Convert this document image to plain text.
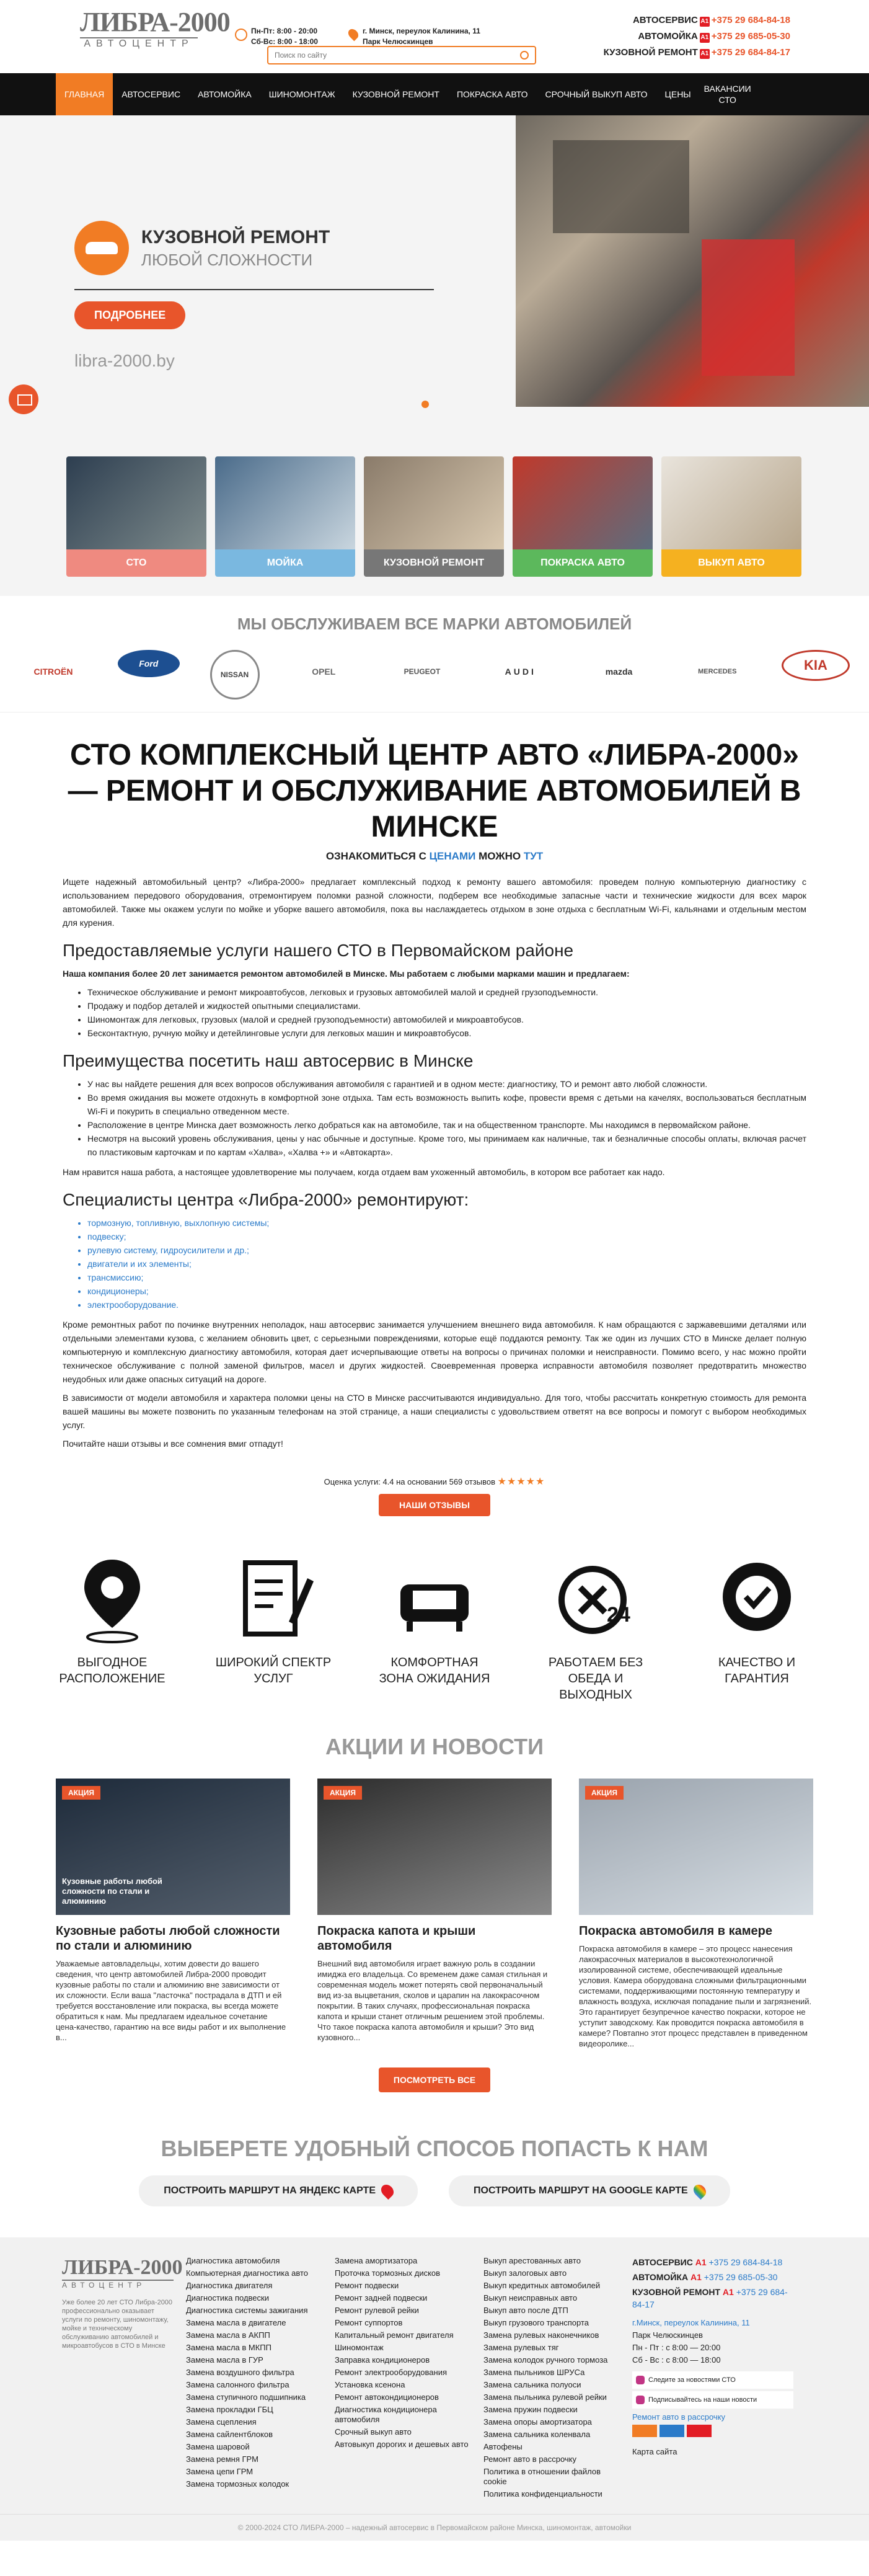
ЛИБРА-2000
АВТОЦЕНТР
Пн-Пт: 8:00 - 20:00
Сб-Вс: 8:00 - 18:00
г. Минск, переулок Калинина, 11
Парк Челюскинцев
Поиск по сайту
АВТОСЕРВИС A1 +375 29 684-84-18
АВТОМОЙКА A1 +375 29 685-05-30
КУЗОВНОЙ РЕМОНТ A1 +375 29 684-84-17
ГЛАВНАЯ	АВТОСЕРВИС	АВТОМОЙКА	ШИНОМОНТАЖ	КУЗОВНОЙ РЕМОНТ	ПОКРАСКА АВТО	СРОЧНЫЙ ВЫКУП АВТО	ЦЕНЫ
ВАКАНСИИ СТО

КУЗОВНОЙ РЕМОНТ
ЛЮБОЙ СЛОЖНОСТИ
ПОДРОБНЕЕ
libra-2000.by
СТО	МОЙКА	КУЗОВНОЙ РЕМОНТ	ПОКРАСКА АВТО	ВЫКУП АВТО
МЫ ОБСЛУЖИВАЕМ ВСЕ МАРКИ АВТОМОБИЛЕЙ
CITROËN
Ford
NISSAN	OPEL	PEUGEOT	AUDI	mazda	MERCEDES	KIA
СТО КОМПЛЕКСНЫЙ ЦЕНТР АВТО «ЛИБРА-2000» — РЕМОНТ И ОБСЛУЖИВАНИЕ АВТОМОБИЛЕЙ В МИНСКЕ
ОЗНАКОМИТЬСЯ С ЦЕНАМИ МОЖНО ТУТ

Ищете надежный автомобильный центр? «Либра-2000» предлагает комплексный подход к ремонту вашего автомобиля: проведем полную компьютерную диагностику с использованием передового оборудования, отремонтируем поломки разной сложности, подберем все необходимые запасные части и технические жидкости для всех марок автомобилей. Также мы окажем услуги по мойке и уборке вашего автомобиля, пока вы наслаждаетесь отдыхом в зоне отдыха с бесплатным Wi-Fi, кальянами и отдельным местом для курения.

Предоставляемые услуги нашего СТО в Первомайском районе

Наша компания более 20 лет занимается ремонтом автомобилей в Минске. Мы работаем с любыми марками машин и предлагаем:

• Техническое обслуживание и ремонт микроавтобусов, легковых и грузовых автомобилей малой и средней грузоподъемности.
• Продажу и подбор деталей и жидкостей опытными специалистами.
• Шиномонтаж для легковых, грузовых (малой и средней грузоподъемности) автомобилей и микроавтобусов.
• Бесконтактную, ручную мойку и детейлинговые услуги для легковых машин и микроавтобусов.
Преимущества посетить наш автосервис в Минске
• У нас вы найдете решения для всех вопросов обслуживания автомобиля с гарантией и в одном месте: диагностику, ТО и ремонт авто любой сложности.
• Во время ожидания вы можете отдохнуть в комфортной зоне отдыха. Там есть возможность выпить кофе, провести время с детьми на качелях, воспользоваться бесплатным Wi-Fi и покурить в специально отведенном месте.
• Расположение в центре Минска дает возможность легко добраться как на автомобиле, так и на общественном транспорте. Мы находимся в первомайском районе.
• Несмотря на высокий уровень обслуживания, цены у нас обычные и доступные. Кроме того, мы принимаем как наличные, так и безналичные способы оплаты, включая расчет по пластиковым карточкам и по картам «Халва», «Халва +» и «Автокарта».

Нам нравится наша работа, а настоящее удовлетворение мы получаем, когда отдаем вам ухоженный автомобиль, в котором все работает как надо.

Специалисты центра «Либра-2000» ремонтируют:
• тормозную, топливную, выхлопную системы;
• подвеску;
• рулевую систему, гидроусилители и др.;
• двигатели и их элементы;
• трансмиссию;
• кондиционеры;
• электрооборудование.

Кроме ремонтных работ по починке внутренних неполадок, наш автосервис занимается улучшением внешнего вида автомобиля. К нам обращаются с заржавевшими деталями или отдельными элементами кузова, с желанием обновить цвет, с серьезными повреждениями, которые ещё поддаются ремонту. Так же один из лучших СТО в Минске делает полную компьютерную и комплексную диагностику автомобиля, которая дает исчерпывающие ответы на вопросы о причинах поломки и неисправности. Помимо всего, у нас можно пройти техническое обслуживание с полной заменой фильтров, масел и других жидкостей. Своевременная проверка исправности автомобиля позволяет предотвратить множество неудобных или даже опасных ситуаций на дороге.

В зависимости от модели автомобиля и характера поломки цены на СТО в Минске рассчитываются индивидуально. Для того, чтобы рассчитать конкретную стоимость для ремонта вашей машины вы можете позвонить по указанным телефонам на этой странице, а наши специалисты с удовольствием ответят на все вопросы и помогут с выбором необходимых услуг.

Почитайте наши отзывы и все сомнения вмиг отпадут!

Оценка услуги: 4.4 на основании 569 отзывов ★★★★★
НАШИ ОТЗЫВЫ
ВЫГОДНОЕ РАСПОЛОЖЕНИЕ
ШИРОКИЙ СПЕКТР УСЛУГ
КОМФОРТНАЯ ЗОНА ОЖИДАНИЯ
24
РАБОТАЕМ БЕЗ ОБЕДА И ВЫХОДНЫХ
КАЧЕСТВО И ГАРАНТИЯ
АКЦИИ И НОВОСТИ
АКЦИЯ
Кузовные работы любой сложности по стали и алюминию
Кузовные работы любой сложности по стали и алюминию

Уважаемые автовладельцы, хотим довести до вашего сведения, что центр автомобилей Либра-2000 проводит кузовные работы по стали и алюминию вне зависимости от их сложности. Если ваша "ласточка" пострадала в ДТП и ей требуется восстановление или покраска, вы всегда можете обратиться к нам. Мы предлагаем идеальное сочетание цена-качество, гарантию на все виды работ и их выполнение в...

АКЦИЯ
Покраска капота и крыши автомобиля

Внешний вид автомобиля играет важную роль в создании имиджа его владельца. Со временем даже самая стильная и современная модель может потерять свой первоначальный вид из-за выцветания, сколов и царапин на лакокрасочном покрытии. В таких случаях, профессиональная покраска капота и крыши станет отличным решением этой проблемы. Что такое покраска капота автомобиля и крыши? Это вид кузовного...

АКЦИЯ
Покраска автомобиля в камере

Покраска автомобиля в камере – это процесс нанесения лакокрасочных материалов в высокотехнологичной изолированной системе, обеспечивающей идеальные условия. Камера оборудована сложными фильтрационными системами, поддерживающими постоянную температуру и влажность воздуха, исключая попадание пыли и загрязнений. Это гарантирует безупречное качество покраски, которое не уступит заводскому. Как проводится покраска автомобиля в камере? Повтапно этот процесс представлен в приведенном видеоролике...

ПОСМОТРЕТЬ ВСЕ
ВЫБЕРЕТЕ УДОБНЫЙ СПОСОБ ПОПАСТЬ К НАМ
ПОСТРОИТЬ МАРШРУТ НА ЯНДЕКС КАРТЕ	ПОСТРОИТЬ МАРШРУТ НА GOOGLE КАРТЕ
ЛИБРА-2000
АВТОЦЕНТР

Уже более 20 лет СТО Либра-2000 профессионально оказывает услуги по ремонту, шиномонтажу, мойке и техническому обслуживанию автомобилей и микроавтобусов в СТО в Минске

Диагностика автомобиля
Компьютерная диагностика авто
Диагностика двигателя
Диагностика подвески
Диагностика системы зажигания
Замена масла в двигателе
Замена масла в АКПП
Замена масла в МКПП
Замена масла в ГУР
Замена воздушного фильтра
Замена салонного фильтра
Замена ступичного подшипника
Замена прокладки ГБЦ
Замена сцепления
Замена сайлентблоков
Замена шаровой
Замена ремня ГРМ
Замена цепи ГРМ
Замена тормозных колодок
Замена амортизатора
Проточка тормозных дисков
Ремонт подвески
Ремонт задней подвески
Ремонт рулевой рейки
Ремонт суппортов
Капитальный ремонт двигателя
Шиномонтаж
Заправка кондиционеров
Ремонт электрооборудования
Установка ксенона
Ремонт автокондиционеров
Диагностика кондиционера автомобиля
Срочный выкуп авто
Автовыкуп дорогих и дешевых авто
Выкуп арестованных авто
Выкуп залоговых авто
Выкуп кредитных автомобилей
Выкуп неисправных авто
Выкуп авто после ДТП
Выкуп грузового транспорта
Замена рулевых наконечников
Замена рулевых тяг
Замена колодок ручного тормоза
Замена пыльников ШРУСа
Замена сальника полуоси
Замена пыльника рулевой рейки
Замена пружин подвески
Замена опоры амортизатора
Замена сальника коленвала
Автофены
Ремонт авто в рассрочку
Политика в отношении файлов cookie
Политика конфиденциальности
АВТОСЕРВИС A1 +375 29 684-84-18
АВТОМОЙКА A1 +375 29 685-05-30
КУЗОВНОЙ РЕМОНТ A1 +375 29 684-84-17
г.Минск, переулок Калинина, 11
Парк Челюскинцев
Пн - Пт : с 8:00 — 20:00
Сб - Вс : с 8:00 — 18:00
Следите за новостями СТО
Подписывайтесь на наши новости
Ремонт авто в рассрочку
Карта сайта
© 2000-2024 СТО ЛИБРА-2000 – надежный автосервис в Первомайском районе Минска, шиномонтаж, автомойки
